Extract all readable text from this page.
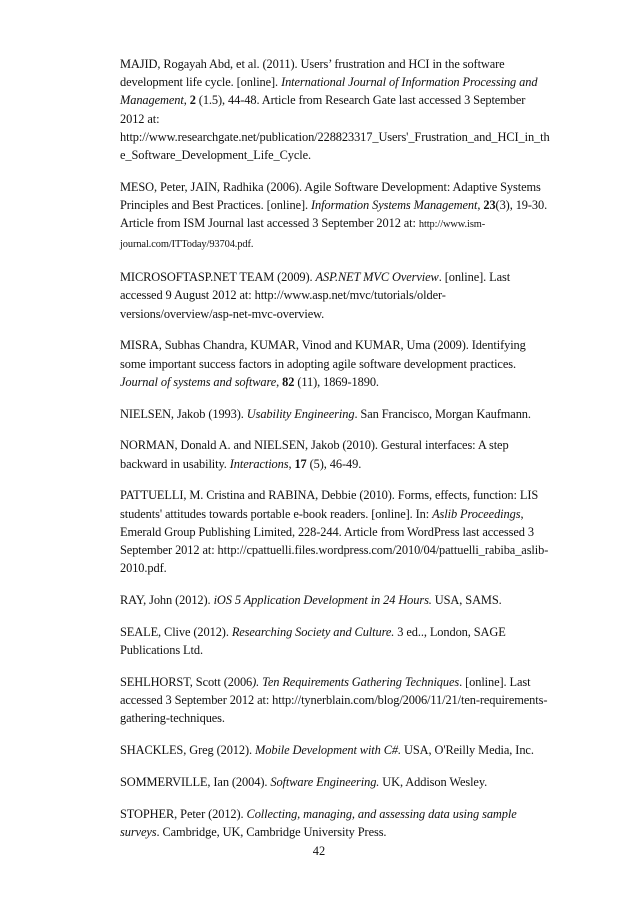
MAJID, Rogayah Abd, et al. (2011). Users’ frustration and HCI in the software development life cycle. [online]. International Journal of Information Processing and Management, 2 (1.5), 44-48. Article from Research Gate last accessed 3 September 2012 at:
http://www.researchgate.net/publication/228823317_Users'_Frustration_and_HCI_in_the_Software_Development_Life_Cycle.

MESO, Peter, JAIN, Radhika (2006). Agile Software Development: Adaptive Systems Principles and Best Practices. [online]. Information Systems Management, 23(3), 19-30. Article from ISM Journal last accessed 3 September 2012 at: http://www.ism-journal.com/ITToday/93704.pdf.

MICROSOFTASP.NET TEAM (2009). ASP.NET MVC Overview. [online]. Last accessed 9 August 2012 at: http://www.asp.net/mvc/tutorials/older-versions/overview/asp-net-mvc-overview.

MISRA, Subhas Chandra, KUMAR, Vinod and KUMAR, Uma (2009). Identifying some important success factors in adopting agile software development practices. Journal of systems and software, 82 (11), 1869-1890.

NIELSEN, Jakob (1993). Usability Engineering. San Francisco, Morgan Kaufmann.

NORMAN, Donald A. and NIELSEN, Jakob (2010). Gestural interfaces: A step backward in usability. Interactions, 17 (5), 46-49.

PATTUELLI, M. Cristina and RABINA, Debbie (2010). Forms, effects, function: LIS students' attitudes towards portable e-book readers. [online]. In: Aslib Proceedings, Emerald Group Publishing Limited, 228-244. Article from WordPress last accessed 3 September 2012 at: http://cpattuelli.files.wordpress.com/2010/04/pattuelli_rabiba_aslib-2010.pdf.

RAY, John (2012). iOS 5 Application Development in 24 Hours. USA, SAMS.

SEALE, Clive (2012). Researching Society and Culture. 3 ed.., London, SAGE Publications Ltd.

SEHLHORST, Scott (2006). Ten Requirements Gathering Techniques. [online]. Last accessed 3 September 2012 at: http://tynerblain.com/blog/2006/11/21/ten-requirements-gathering-techniques.

SHACKLES, Greg (2012). Mobile Development with C#. USA, O'Reilly Media, Inc.

SOMMERVILLE, Ian (2004). Software Engineering. UK, Addison Wesley.

STOPHER, Peter (2012). Collecting, managing, and assessing data using sample surveys. Cambridge, UK, Cambridge University Press.

42
